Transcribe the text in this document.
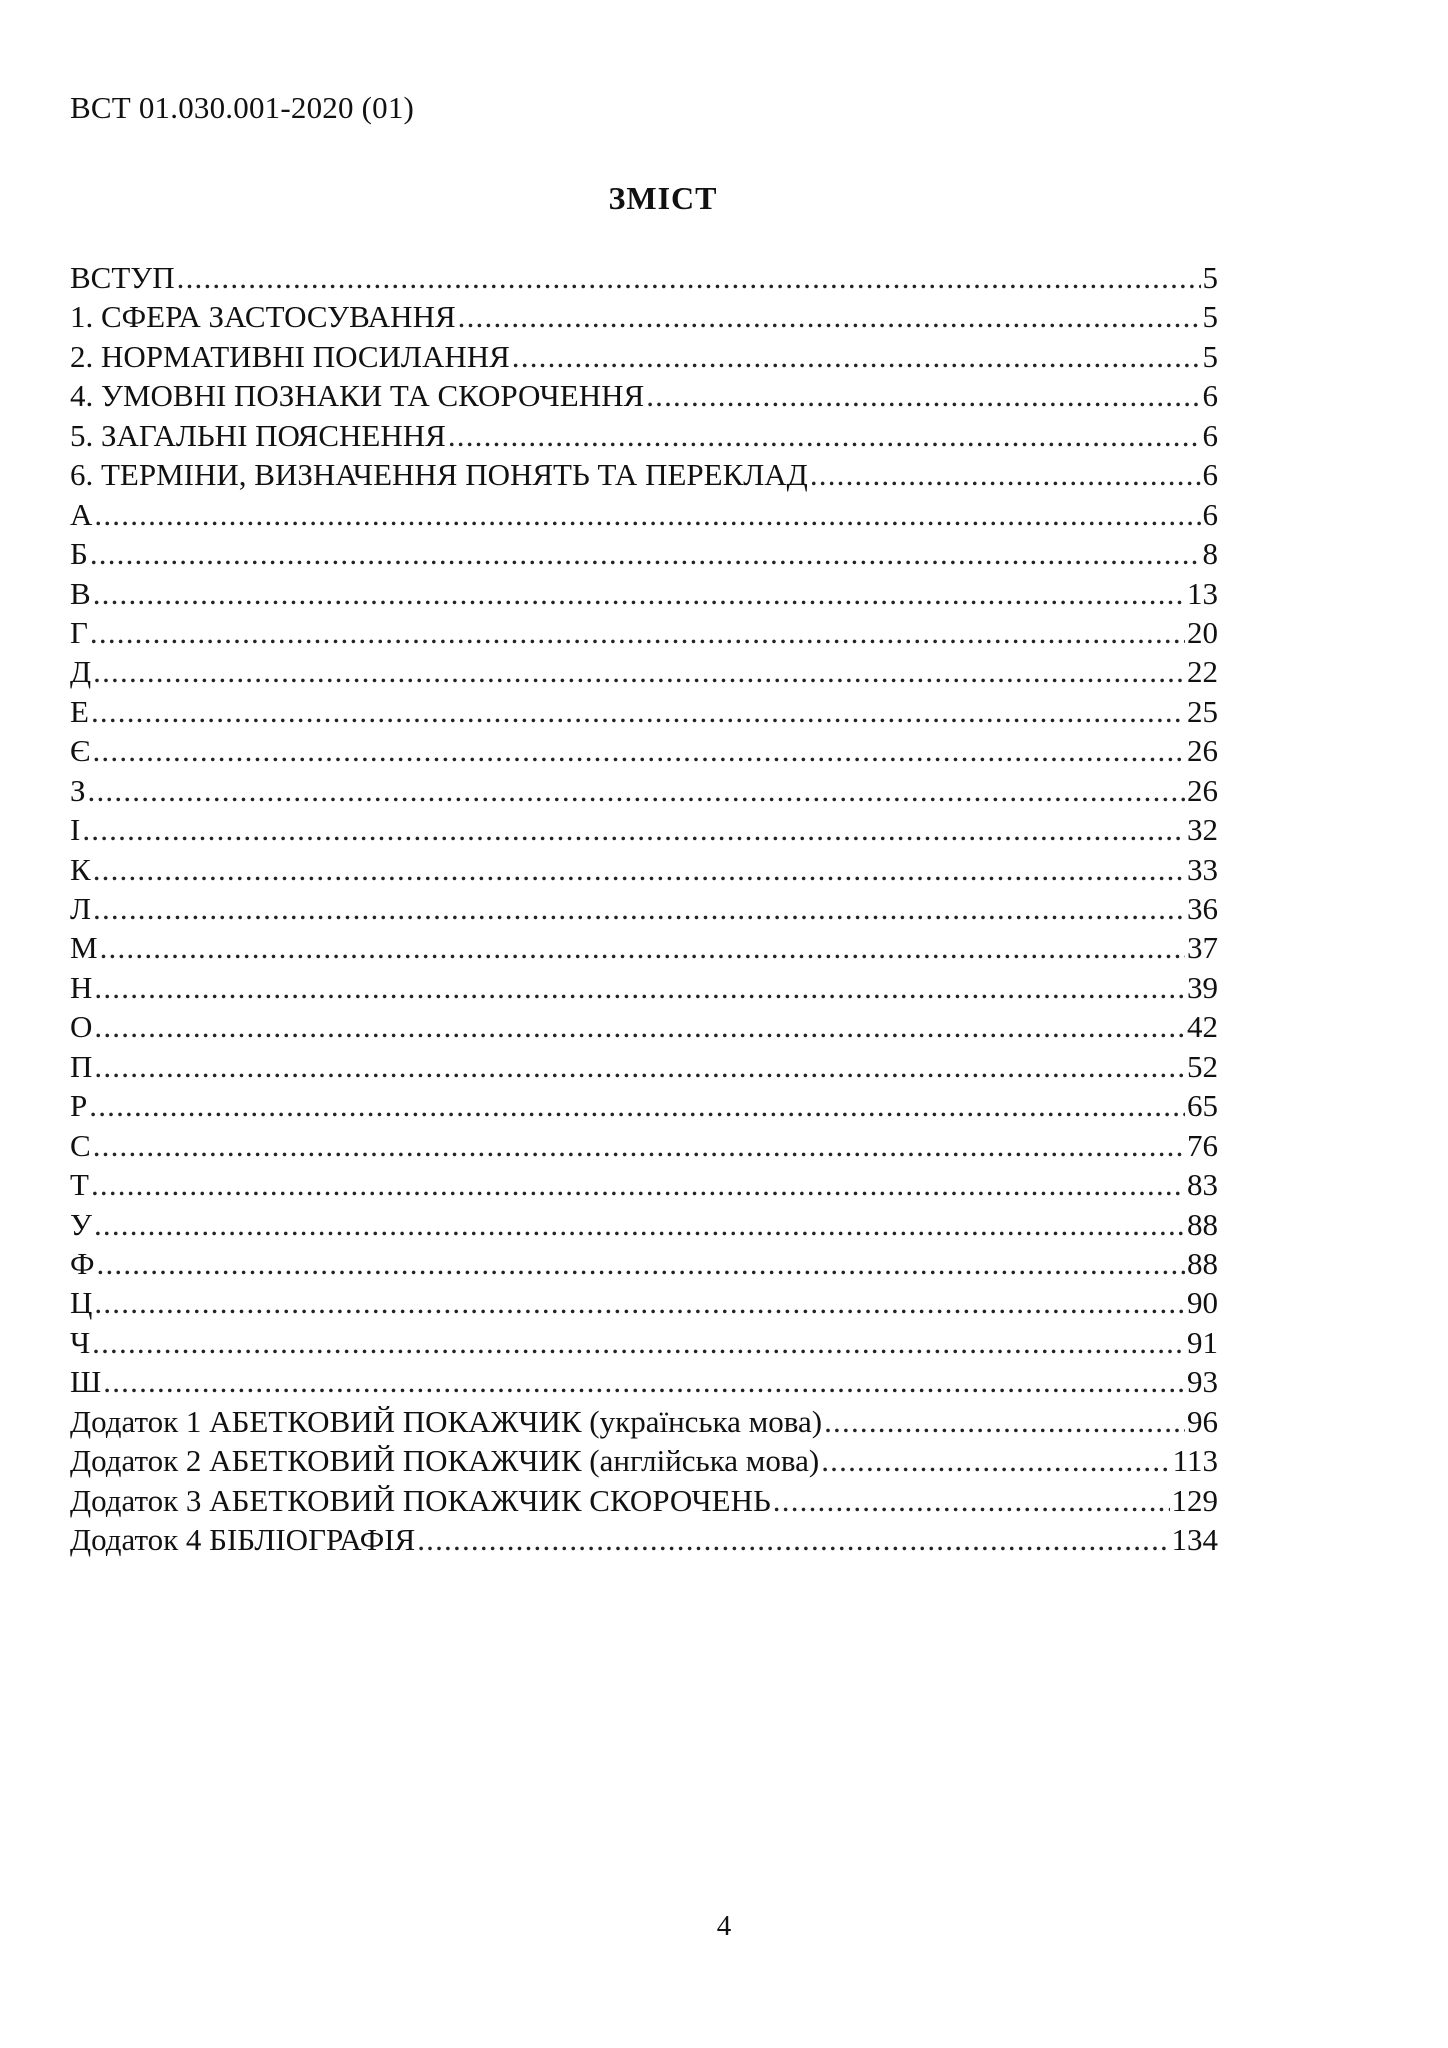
ВСТ 01.030.001-2020 (01)
ЗМІСТ
ВСТУП .....	5
1. СФЕРА ЗАСТОСУВАННЯ .....	5
2. НОРМАТИВНІ ПОСИЛАННЯ .....	5
4. УМОВНІ ПОЗНАКИ ТА СКОРОЧЕННЯ .....	6
5. ЗАГАЛЬНІ ПОЯСНЕННЯ .....	6
6. ТЕРМІНИ, ВИЗНАЧЕННЯ ПОНЯТЬ ТА ПЕРЕКЛАД .....	6
А .....	6
Б .....	8
В .....	13
Г .....	20
Д .....	22
Е .....	25
Є .....	26
З .....	26
І .....	32
К .....	33
Л .....	36
М .....	37
Н .....	39
О .....	42
П .....	52
Р .....	65
С .....	76
Т .....	83
У .....	88
Ф .....	88
Ц .....	90
Ч .....	91
Ш .....	93
Додаток 1 АБЕТКОВИЙ ПОКАЖЧИК (українська мова) .....	96
Додаток 2 АБЕТКОВИЙ ПОКАЖЧИК (англійська мова) .....	113
Додаток 3 АБЕТКОВИЙ ПОКАЖЧИК СКОРОЧЕНЬ .....	129
Додаток 4 БІБЛІОГРАФІЯ .....	134
4
